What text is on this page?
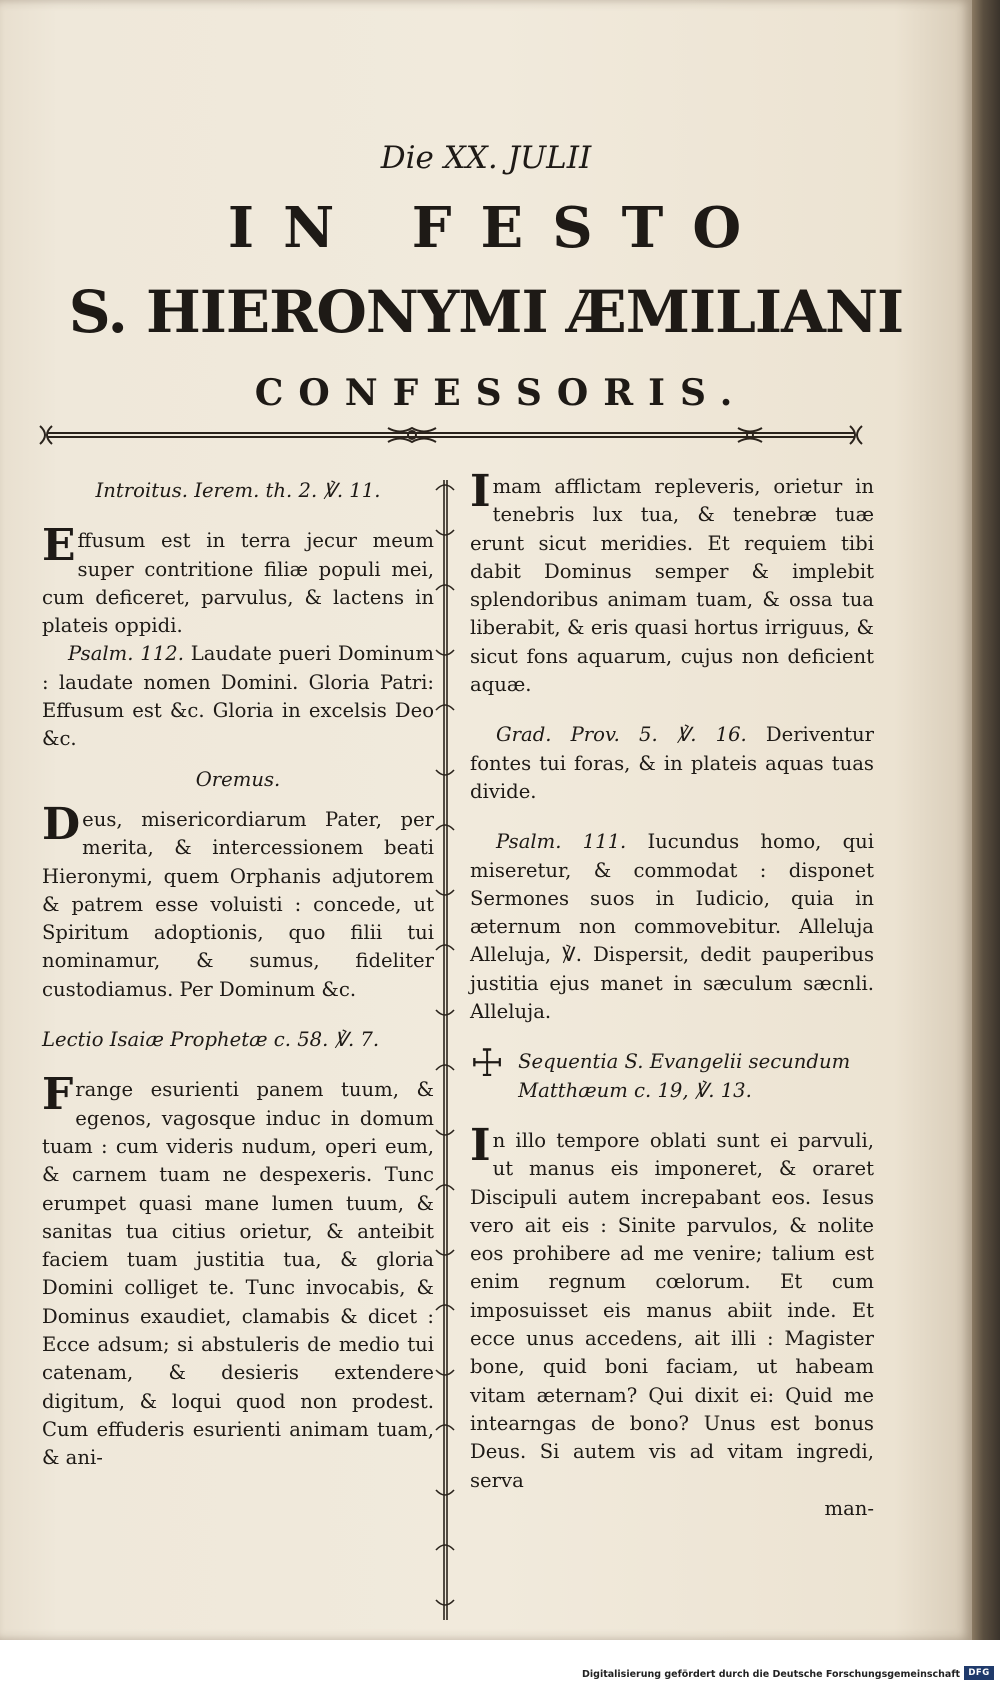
Die XX. JULII
IN FESTO
S. HIERONYMI ÆMILIANI
CONFESSORIS.

Introitus. Ierem. th. 2. ℣. 11.

Effusum est in terra jecur meum super contritione filiæ populi mei, cum deficeret, parvulus, & lactens in plateis oppidi.

Psalm. 112. Laudate pueri Dominum : laudate nomen Domini. Gloria Patri: Effusum est &c. Gloria in excelsis Deo &c.

Oremus.

Deus, misericordiarum Pater, per merita, & intercessionem beati Hieronymi, quem Orphanis adjutorem & patrem esse voluisti : concede, ut Spiritum adoptionis, quo filii tui nominamur, & sumus, fideliter custodiamus. Per Dominum &c.

Lectio Isaiæ Prophetæ c. 58. ℣. 7.

Frange esurienti panem tuum, & egenos, vagosque induc in domum tuam : cum videris nudum, operi eum, & carnem tuam ne despexeris. Tunc erumpet quasi mane lumen tuum, & sanitas tua citius orietur, & anteibit faciem tuam justitia tua, & gloria Domini colliget te. Tunc invocabis, & Dominus exaudiet, clamabis & dicet : Ecce adsum; si abstuleris de medio tui catenam, & desieris extendere digitum, & loqui quod non prodest. Cum effuderis esurienti animam tuam, & ani-

Imam afflictam repleveris, orietur in tenebris lux tua, & tenebræ tuæ erunt sicut meridies. Et requiem tibi dabit Dominus semper & implebit splendoribus animam tuam, & ossa tua liberabit, & eris quasi hortus irriguus, & sicut fons aquarum, cujus non deficient aquæ.

Grad. Prov. 5. ℣. 16. Deriventur fontes tui foras, & in plateis aquas tuas divide.

Psalm. 111. Iucundus homo, qui miseretur, & commodat : disponet Sermones suos in Iudicio, quia in æternum non commovebitur. Alleluja Alleluja, ℣. Dispersit, dedit pauperibus justitia ejus manet in sæculum sæcnli. Alleluja.

☩ Sequentia S. Evangelii secundum Matthæum c. 19, ℣. 13.

In illo tempore oblati sunt ei parvuli, ut manus eis imponeret, & oraret Discipuli autem increpabant eos. Iesus vero ait eis : Sinite parvulos, & nolite eos prohibere ad me venire; talium est enim regnum cœlorum. Et cum imposuisset eis manus abiit inde. Et ecce unus accedens, ait illi : Magister bone, quid boni faciam, ut habeam vitam æternam? Qui dixit ei: Quid me intearngas de bono? Unus est bonus Deus. Si autem vis ad vitam ingredi, serva

man-

Digitalisierung gefördert durch die Deutsche Forschungsgemeinschaft DFG
